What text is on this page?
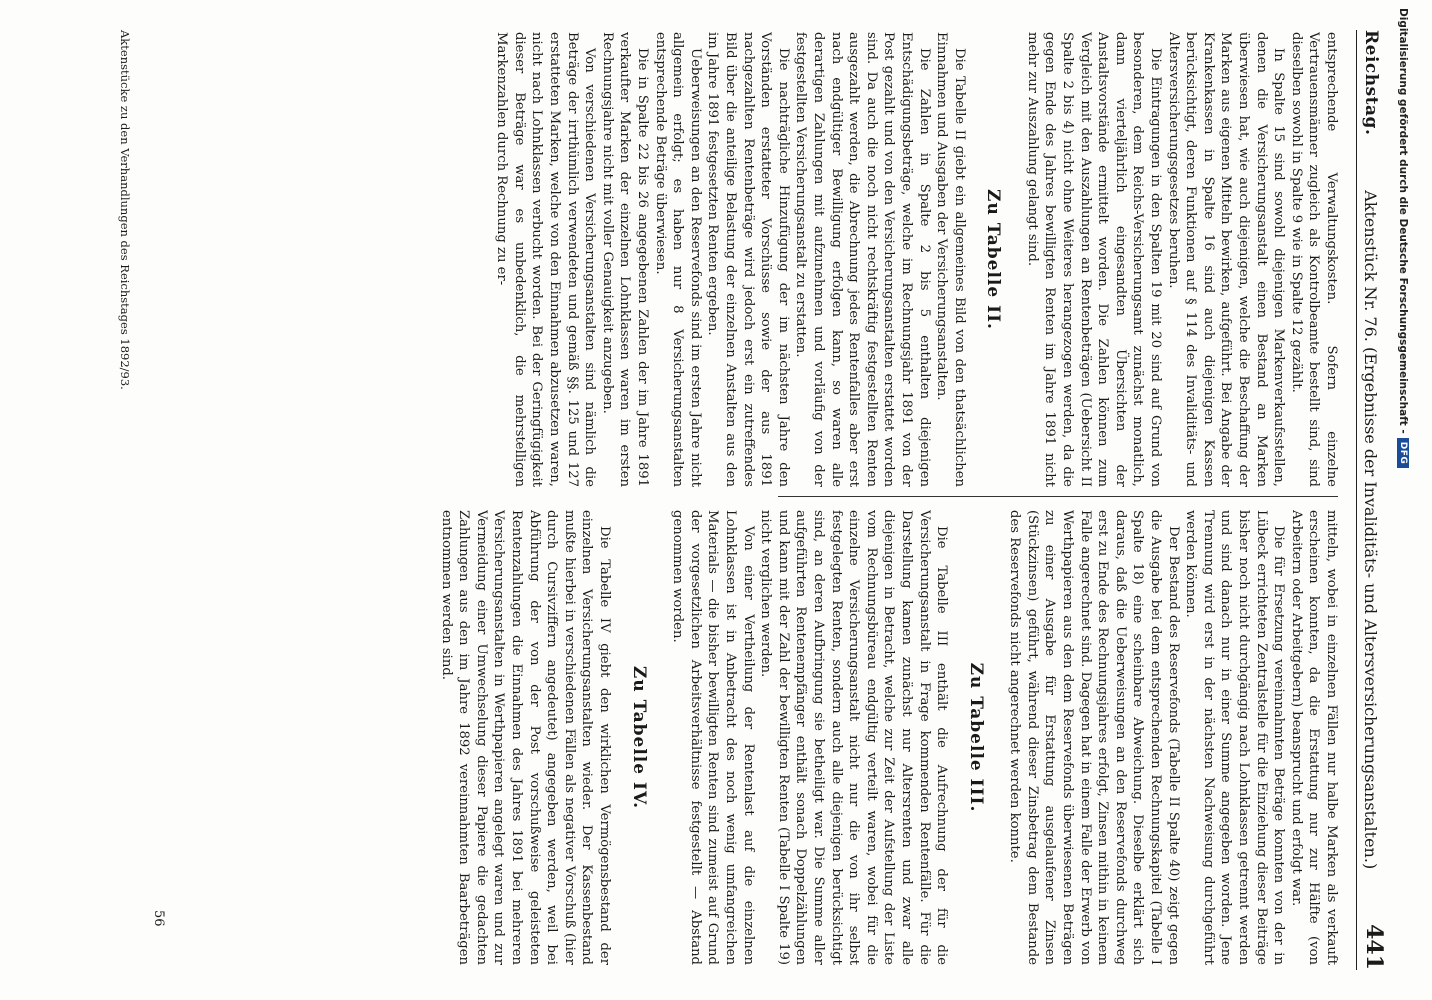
Reichstag.
Aktenstück Nr. 76. (Ergebnisse der Invaliditäts- und Altersversicherungsanstalten.)
441

entsprechende Verwaltungskosten. Sofern einzelne Vertrauensmänner zugleich als Kontrolbeamte bestellt sind, sind dieselben sowohl in Spalte 9 wie in Spalte 12 gezählt.

In Spalte 15 sind sowohl diejenigen Markenverkaufsstellen, denen die Versicherungsanstalt einen Bestand an Marken überwiesen hat, wie auch diejenigen, welche die Beschaffung der Marken aus eigenen Mitteln bewirken, aufgeführt. Bei Angabe der Krankenkassen in Spalte 16 sind auch diejenigen Kassen berücksichtigt, deren Funktionen auf § 114 des Invaliditäts- und Altersversicherungsgesetzes beruhen.

Die Eintragungen in den Spalten 19 mit 20 sind auf Grund von besonderen, dem Reichs-Versicherungsamt zunächst monatlich, dann vierteljährlich eingesandten Übersichten der Anstaltsvorstände ermittelt worden. Die Zahlen können zum Vergleich mit den Auszahlungen an Rentenbeträgen (Uebersicht II Spalte 2 bis 4) nicht ohne Weiteres herangezogen werden, da die gegen Ende des Jahres bewilligten Renten im Jahre 1891 nicht mehr zur Auszahlung gelangt sind.

Zu Tabelle II.

Die Tabelle II giebt ein allgemeines Bild von den thatsächlichen Einnahmen und Ausgaben der Versicherungsanstalten.

Die Zahlen in Spalte 2 bis 5 enthalten diejenigen Entschädigungsbeträge, welche im Rechnungsjahr 1891 von der Post gezahlt und von den Versicherungsanstalten erstattet worden sind. Da auch die noch nicht rechtskräftig festgestellten Renten ausgezahlt werden, die Abrechnung jedes Rentenfalles aber erst nach endgültiger Bewilligung erfolgen kann, so waren alle derartigen Zahlungen mit aufzunehmen und vorläufig von der festgestellten Versicherungsanstalt zu erstatten.

Die nachträgliche Hinzufügung der im nächsten Jahre den Vorständen erstatteter Vorschüsse sowie der aus 1891 nachgezahlten Rentenbeträge wird jedoch erst ein zutreffendes Bild über die anteilige Belastung der einzelnen Anstalten aus den im Jahre 1891 festgesetzten Renten ergeben.

Ueberweisungen an den Reservefonds sind im ersten Jahre nicht allgemein erfolgt; es haben nur 8 Versicherungsanstalten entsprechende Beträge überwiesen.

Die in Spalte 22 bis 26 angegebenen Zahlen der im Jahre 1891 verkaufter Marken der einzelnen Lohnklassen waren im ersten Rechnungsjahre nicht mit voller Genauigkeit anzugeben.

Von verschiedenen Versicherungsanstalten sind nämlich die Beträge der irrthümlich verwendeten und gemäß §§. 125 und 127 erstatteten Marken, welche von den Einnahmen abzusetzen waren, nicht nach Lohnklassen verbucht worden. Bei der Geringfügigkeit dieser Beträge war es unbedenklich, die mehrstelligen Markenzahlen durch Rechnung zu er-

mitteln, wobei in einzelnen Fällen nur halbe Marken als verkauft erscheinen konnten, da die Erstattung nur zur Hälfte (von Arbeitern oder Arbeitgebern) beansprucht und erfolgt war.

Die für Ersetzung vereinnahmten Beträge konnten von der in Lübeck errichteten Zentralstelle für die Einziehung dieser Beiträge bisher noch nicht durchgängig nach Lohnklassen getrennt werden und sind danach nur in einer Summe angegeben worden. Jene Trennung wird erst in der nächsten Nachweisung durchgeführt werden können.

Der Bestand des Reservefonds (Tabelle II Spalte 40) zeigt gegen die Ausgabe bei dem entsprechenden Rechnungskapitel (Tabelle I Spalte 18) eine scheinbare Abweichung. Dieselbe erklärt sich daraus, daß die Ueberweisungen an den Reservefonds durchweg erst zu Ende des Rechnungsjahres erfolgt, Zinsen mithin in keinem Falle angerechnet sind. Dagegen hat in einem Falle der Erwerb von Werthpapieren aus den dem Reservefonds überwiesenen Beträgen zu einer Ausgabe für Erstattung ausgelaufener Zinsen (Stückzinsen) geführt, während dieser Zinsbetrag dem Bestande des Reservefonds nicht angerechnet werden konnte.

Zu Tabelle III.

Die Tabelle III enthält die Aufrechnung der für die Versicherungsanstalt in Frage kommenden Rentenfälle. Für die Darstellung kamen zunächst nur Altersrenten und zwar alle diejenigen in Betracht, welche zur Zeit der Aufstellung der Liste vom Rechnungsbüreau endgültig verteilt waren, wobei für die einzelne Versicherungsanstalt nicht nur die von ihr selbst festgelegten Renten, sondern auch alle diejenigen berücksichtigt sind, an deren Aufbringung sie betheiligt war. Die Summe aller aufgeführten Rentenempfänger enthält sonach Doppelzählungen und kann mit der Zahl der bewilligten Renten (Tabelle I Spalte 19) nicht verglichen werden.

Von einer Vertheilung der Rentenlast auf die einzelnen Lohnklassen ist in Anbetracht des noch wenig umfangreichen Materials — die bisher bewilligten Renten sind zumeist auf Grund der vorgesetzlichen Arbeitsverhältnisse festgestellt — Abstand genommen worden.

Zu Tabelle IV.

Die Tabelle IV giebt den wirklichen Vermögensbestand der einzelnen Versicherungsanstalten wieder. Der Kassenbestand mußte hierbei in verschiedenen Fällen als negativer Vorschuß (hier durch Cursivziffern angedeutet) angegeben werden, weil bei Abführung der von der Post vorschußweise geleisteten Rentenzahlungen die Einnahmen des Jahres 1891 bei mehreren Versicherungsanstalten in Werthpapieren angelegt waren und zur Vermeidung einer Umwechselung dieser Papiere die gedachten Zahlungen aus den im Jahre 1892 vereinnahmten Baarbeträgen entnommen werden sind.

Aktenstücke zu den Verhandlungen des Reichstages 1892/93.
56
Digitalisierung gefördert durch die Deutsche Forschungsgemeinschaft -
DFG
